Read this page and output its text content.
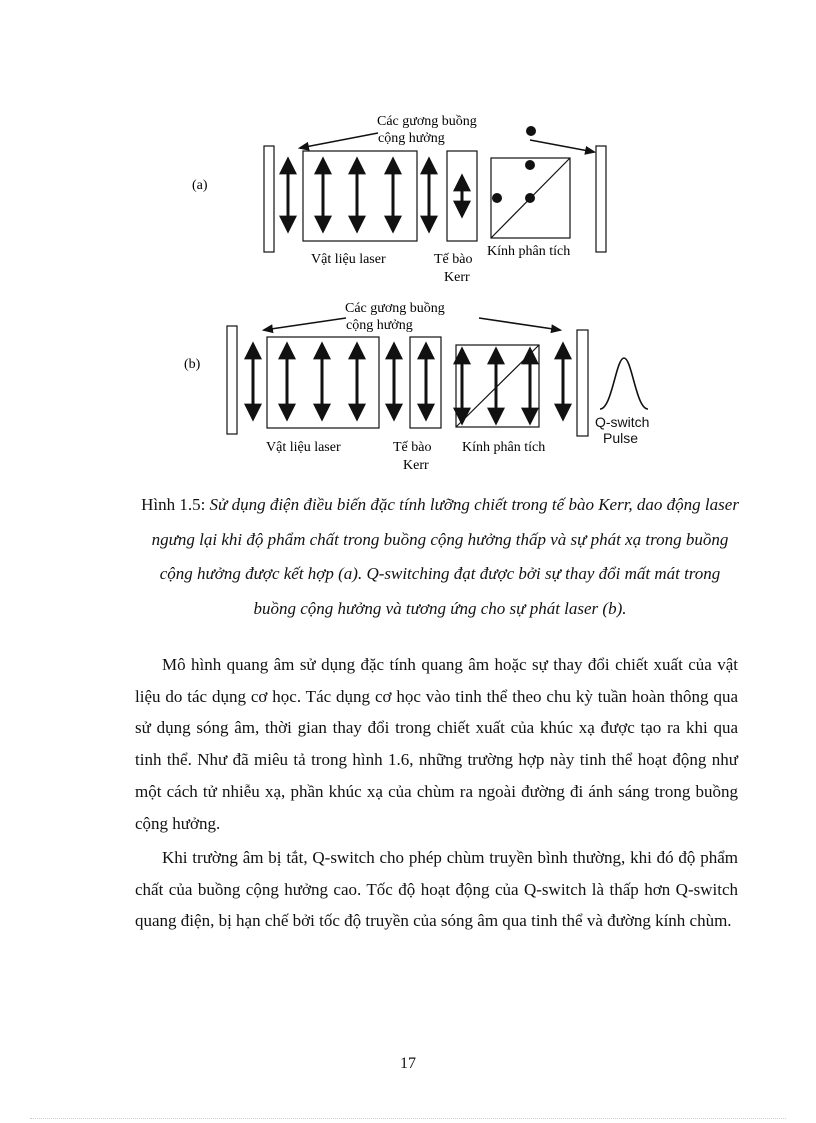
(a)
Các gương buồng
cộng hưởng
Vật liệu laser	Tế bào
Kerr
Kính phân tích
(b)
Các gương buồng
cộng hưởng
Vật liệu laser	Tế bào
Kerr
Kính phân tích
Q-switch
Pulse
Hình 1.5: Sử dụng điện điều biến đặc tính lưỡng chiết trong tế bào Kerr, dao động laser ngưng lại khi độ phẩm chất trong buồng cộng hưởng thấp và sự phát xạ trong buồng cộng hưởng được kết hợp (a). Q-switching đạt được bởi sự thay đổi mất mát trong buồng cộng hưởng và tương ứng cho sự phát laser (b).

Mô hình quang âm sử dụng đặc tính quang âm hoặc sự thay đổi chiết xuất của vật liệu do tác dụng cơ học. Tác dụng cơ học vào tinh thể theo chu kỳ tuần hoàn thông qua sử dụng sóng âm, thời gian thay đổi trong chiết xuất của khúc xạ được tạo ra khi qua tinh thể. Như đã miêu tả trong hình 1.6, những trường hợp này tinh thể hoạt động như một cách tử nhiễu xạ, phần khúc xạ của chùm ra ngoài đường đi ánh sáng trong buồng cộng hưởng.

Khi trường âm bị tắt, Q-switch cho phép chùm truyền bình thường, khi đó độ phẩm chất của buồng cộng hưởng cao. Tốc độ hoạt động của Q-switch là thấp hơn Q-switch quang điện, bị hạn chế bởi tốc độ truyền của sóng âm qua tinh thể và đường kính chùm.

17
